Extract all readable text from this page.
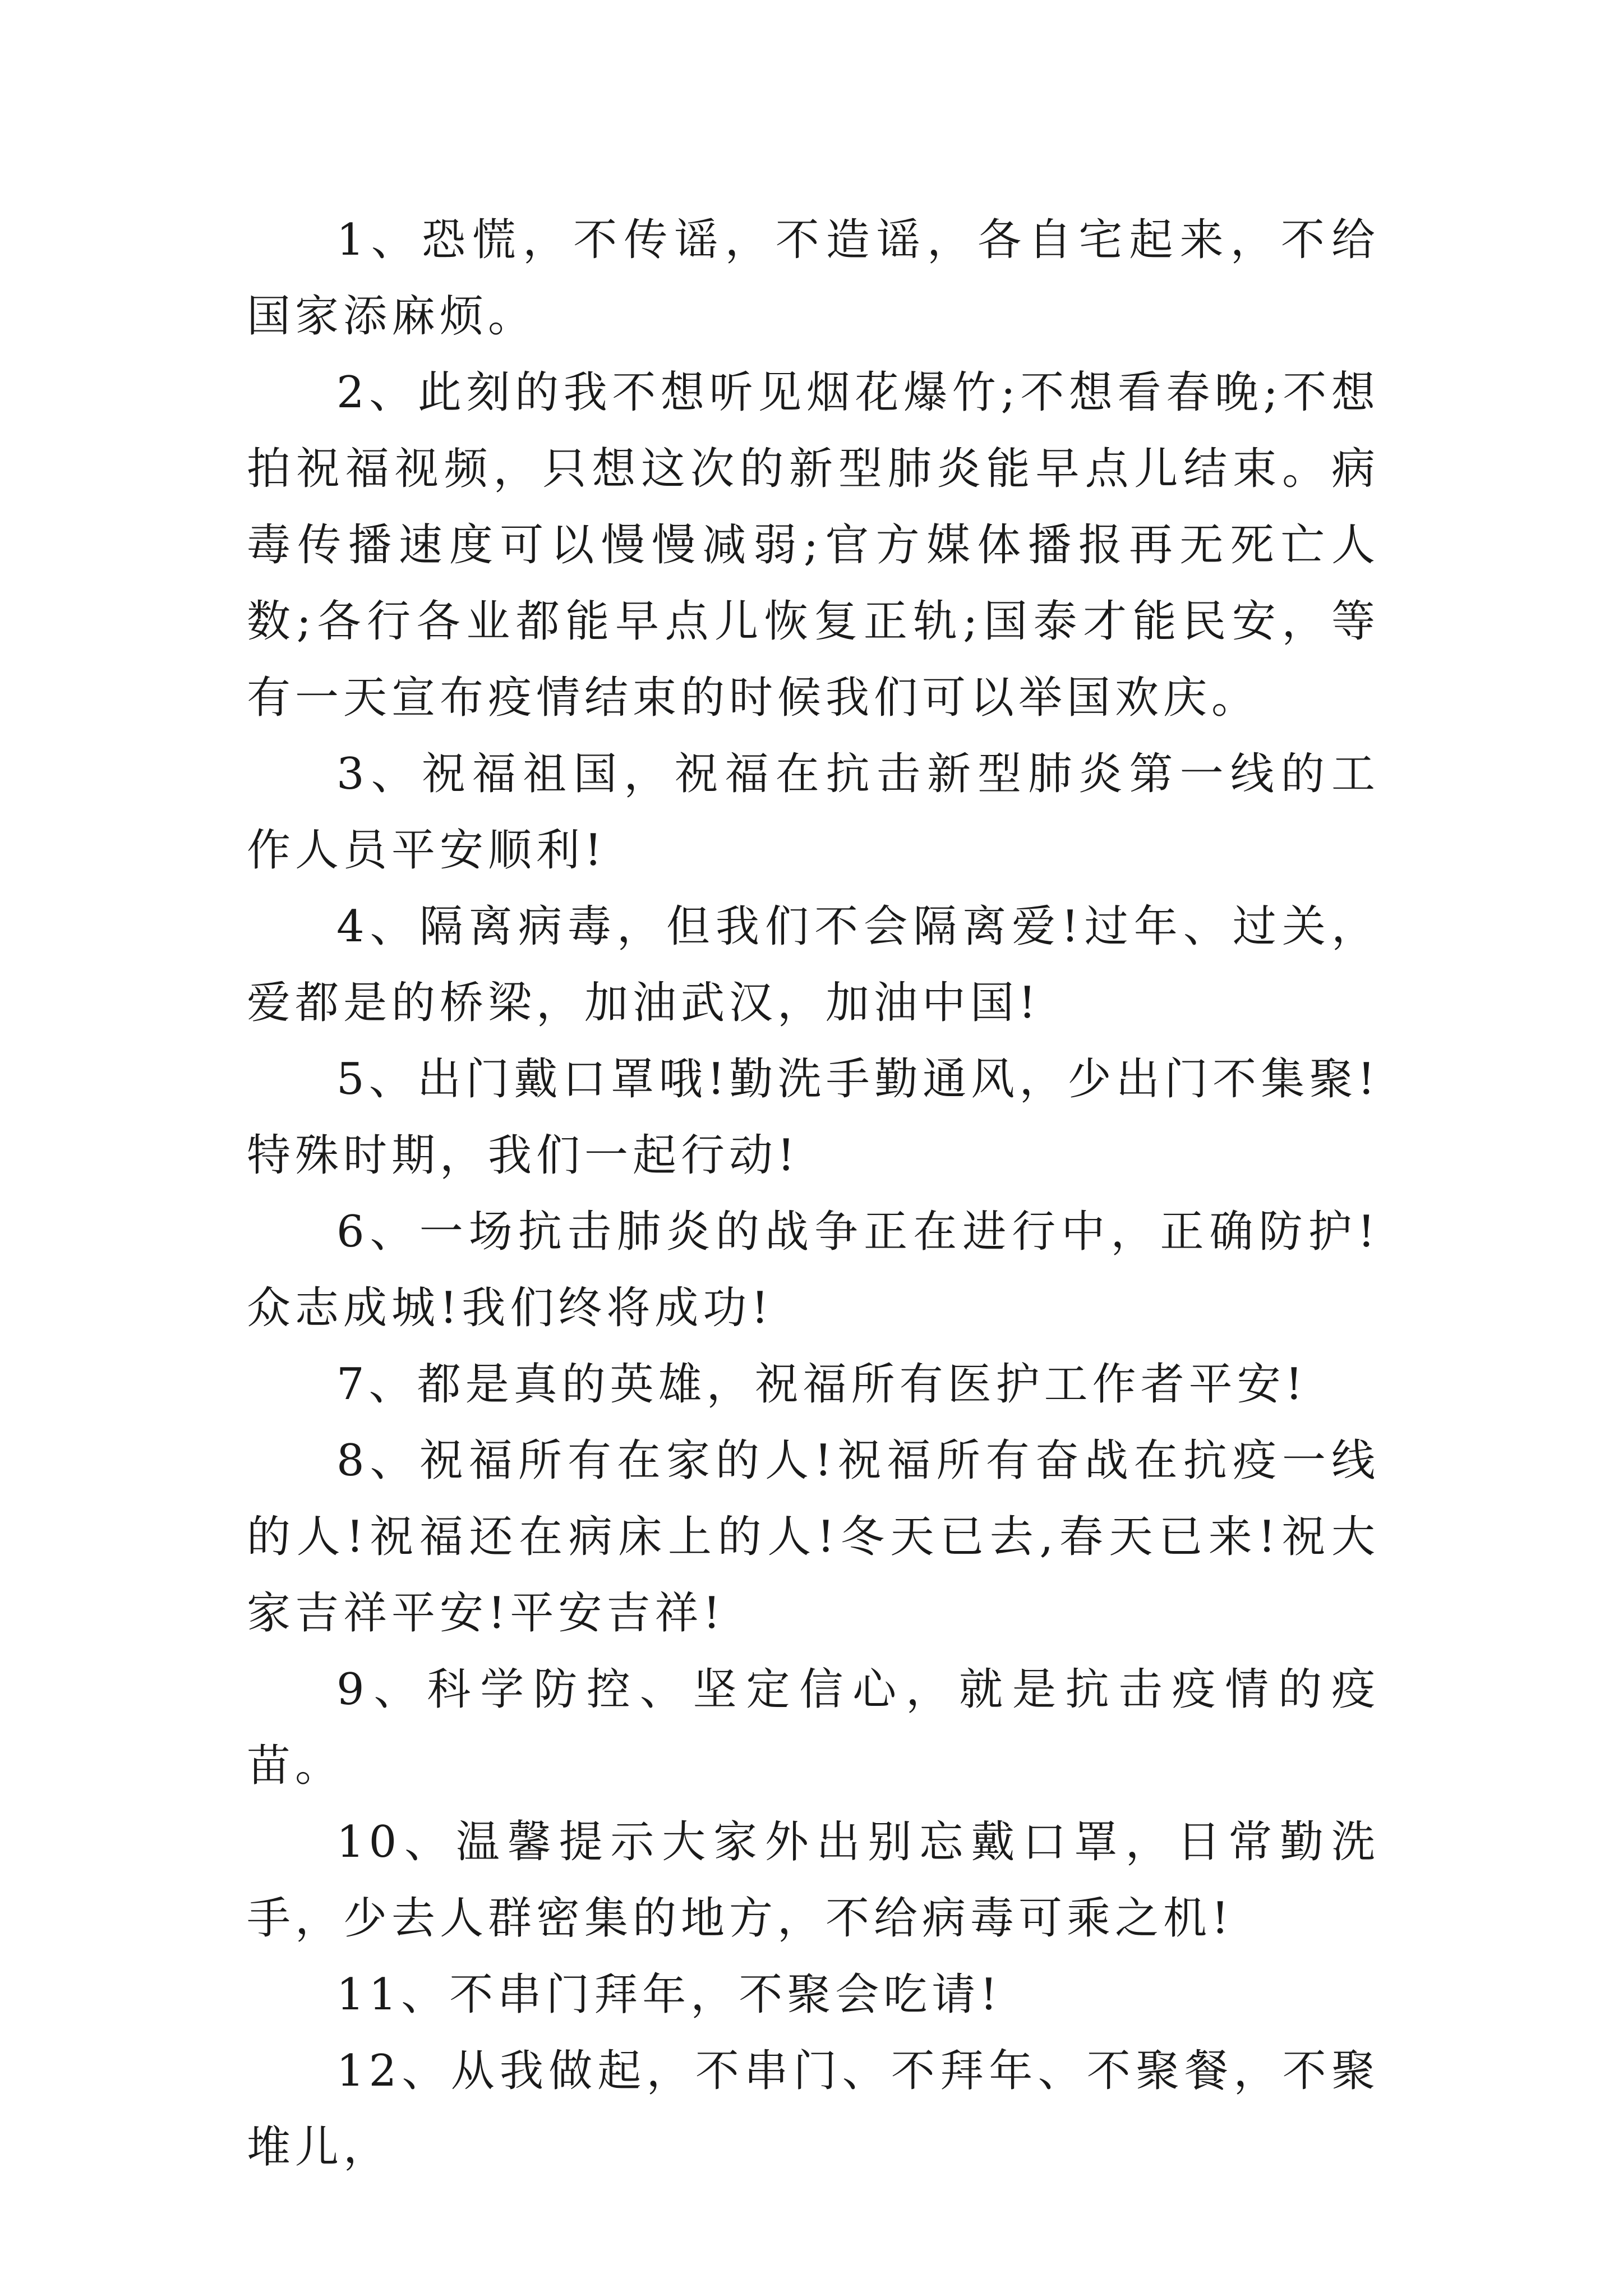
1、恐慌，不传谣，不造谣，各自宅起来，不给国家添麻烦。

2、此刻的我不想听见烟花爆竹;不想看春晚;不想拍祝福视频，只想这次的新型肺炎能早点儿结束。病毒传播速度可以慢慢减弱;官方媒体播报再无死亡人数;各行各业都能早点儿恢复正轨;国泰才能民安，等有一天宣布疫情结束的时候我们可以举国欢庆。

3、祝福祖国，祝福在抗击新型肺炎第一线的工作人员平安顺利!

4、隔离病毒，但我们不会隔离爱!过年、过关，爱都是的桥梁，加油武汉，加油中国!

5、出门戴口罩哦!勤洗手勤通风，少出门不集聚!特殊时期，我们一起行动!

6、一场抗击肺炎的战争正在进行中，正确防护!众志成城!我们终将成功!

7、都是真的英雄，祝福所有医护工作者平安!

8、祝福所有在家的人!祝福所有奋战在抗疫一线的人!祝福还在病床上的人!冬天已去,春天已来!祝大家吉祥平安!平安吉祥!

9、科学防控、坚定信心，就是抗击疫情的疫苗。

10、温馨提示大家外出别忘戴口罩，日常勤洗手，少去人群密集的地方，不给病毒可乘之机!

11、不串门拜年，不聚会吃请!

12、从我做起，不串门、不拜年、不聚餐，不聚堆儿，
